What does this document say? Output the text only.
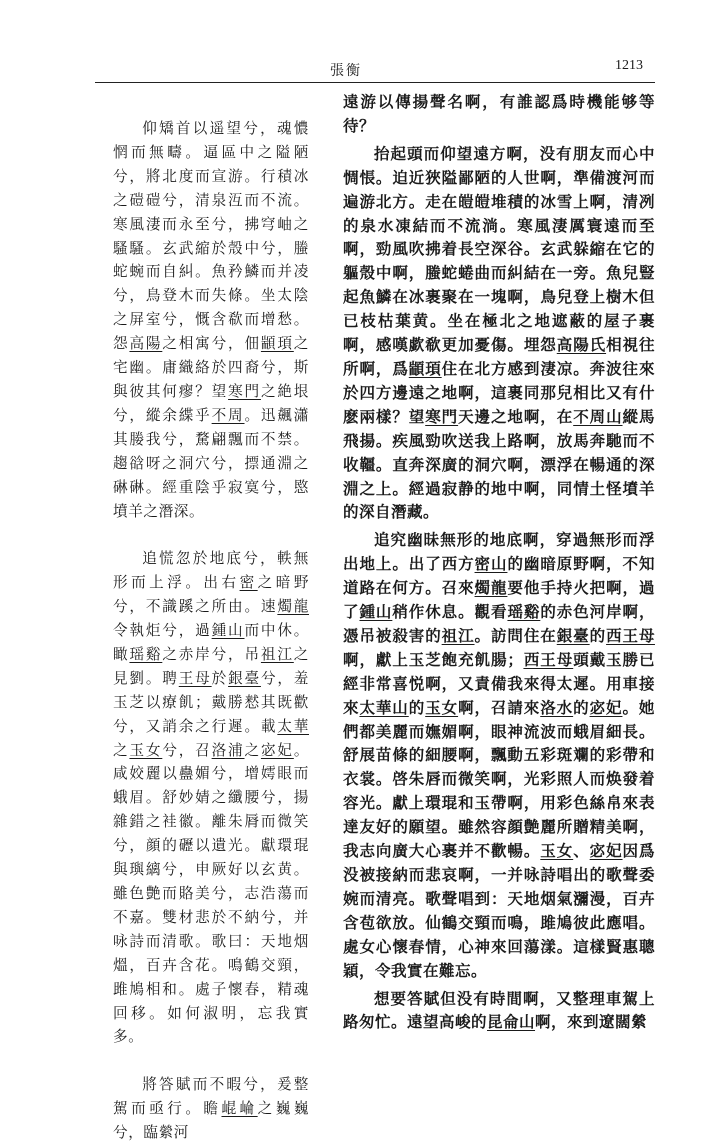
張衡	1213

仰矯首以遥望兮，魂憹惘而無疇。逼區中之隘陋兮，將北度而宣游。行積冰之磑磑兮，清泉沍而不流。寒風淒而永至兮，拂穹岫之騷騷。玄武縮於殼中兮，螣蛇蜿而自糾。魚矜鱗而并凌兮，鳥登木而失條。坐太陰之屏室兮，慨含欷而增愁。怨高陽之相寓兮，佃顓頊之宅幽。庸織絡於四裔兮，斯與彼其何瘳？望寒門之絶垠兮，縱余緤乎不周。迅飆瀟其媵我兮，騖翩飄而不禁。趨谽呀之洞穴兮，摽通淵之碄碄。經重陰乎寂寞兮，愍墳羊之潛深。

追慌忽於地底兮，軼無形而上浮。出右密之暗野兮，不識蹊之所由。速燭龍令執炬兮，過鍾山而中休。瞰瑶谿之赤岸兮，吊祖江之見劉。聘王母於銀臺兮，羞玉芝以療飢；戴勝慭其既歡兮，又誚余之行遲。載太華之玉女兮，召洛浦之宓妃。咸姣麗以蠱媚兮，增嫮眼而蛾眉。舒妙婧之纖腰兮，揚雜錯之袿徽。離朱脣而微笑兮，顔的礰以遺光。獻環琨與璵縭兮，申厥好以玄黄。雖色艶而賂美兮，志浩蕩而不嘉。雙材悲於不納兮，并咏詩而清歌。歌曰：天地烟熅，百卉含花。鳴鶴交頸，雎鳩相和。處子懷春，精魂回移。如何淑明，忘我實多。

將答賦而不暇兮，爰整駕而亟行。瞻崐崘之巍巍兮，臨縈河

遠游以傳揚聲名啊，有誰認爲時機能够等待？

抬起頭而仰望遠方啊，没有朋友而心中惆悵。迫近狹隘鄙陋的人世啊，準備渡河而遍游北方。走在皚皚堆積的冰雪上啊，清冽的泉水凍結而不流淌。寒風淒厲寰遠而至啊，勁風吹拂着長空深谷。玄武躲縮在它的軀殼中啊，螣蛇蜷曲而糾結在一旁。魚兒豎起魚鱗在冰裹聚在一塊啊，鳥兒登上樹木但已枝枯葉黄。坐在極北之地遮蔽的屋子裹啊，感嘆歔欷更加憂傷。埋怨高陽氏相視往所啊，爲顓頊住在北方感到淒凉。奔波往來於四方邊遠之地啊，這裹同那兒相比又有什麽兩樣？望寒門天邊之地啊，在不周山縱馬飛揚。疾風勁吹送我上路啊，放馬奔馳而不收韁。直奔深廣的洞穴啊，漂浮在暢通的深淵之上。經過寂静的地中啊，同情土怪墳羊的深自潛藏。

追究幽昧無形的地底啊，穿過無形而浮出地上。出了西方密山的幽暗原野啊，不知道路在何方。召來燭龍要他手持火把啊，過了鍾山稍作休息。觀看瑶谿的赤色河岸啊，憑吊被殺害的祖江。訪問住在銀臺的西王母啊，獻上玉芝飽充飢腸；西王母頭戴玉勝已經非常喜悦啊，又責備我來得太遲。用車接來太華山的玉女啊，召請來洛水的宓妃。她們都美麗而嫵媚啊，眼神流波而蛾眉細長。舒展苗條的細腰啊，飄動五彩斑斕的彩帶和衣裳。啓朱唇而微笑啊，光彩照人而焕發着容光。獻上環琨和玉帶啊，用彩色絲帛來表達友好的願望。雖然容顔艶麗所贈精美啊，我志向廣大心裹并不歡暢。玉女、宓妃因爲没被接納而悲哀啊，一并咏詩唱出的歌聲委婉而清亮。歌聲唱到：天地烟氣瀰漫，百卉含苞欲放。仙鶴交頸而鳴，雎鳩彼此應唱。處女心懷春情，心神來回蕩漾。這樣賢惠聰穎，令我實在難忘。

想要答賦但没有時間啊，又整理車駕上路匆忙。遠望高峻的昆侖山啊，來到遼闊縈
